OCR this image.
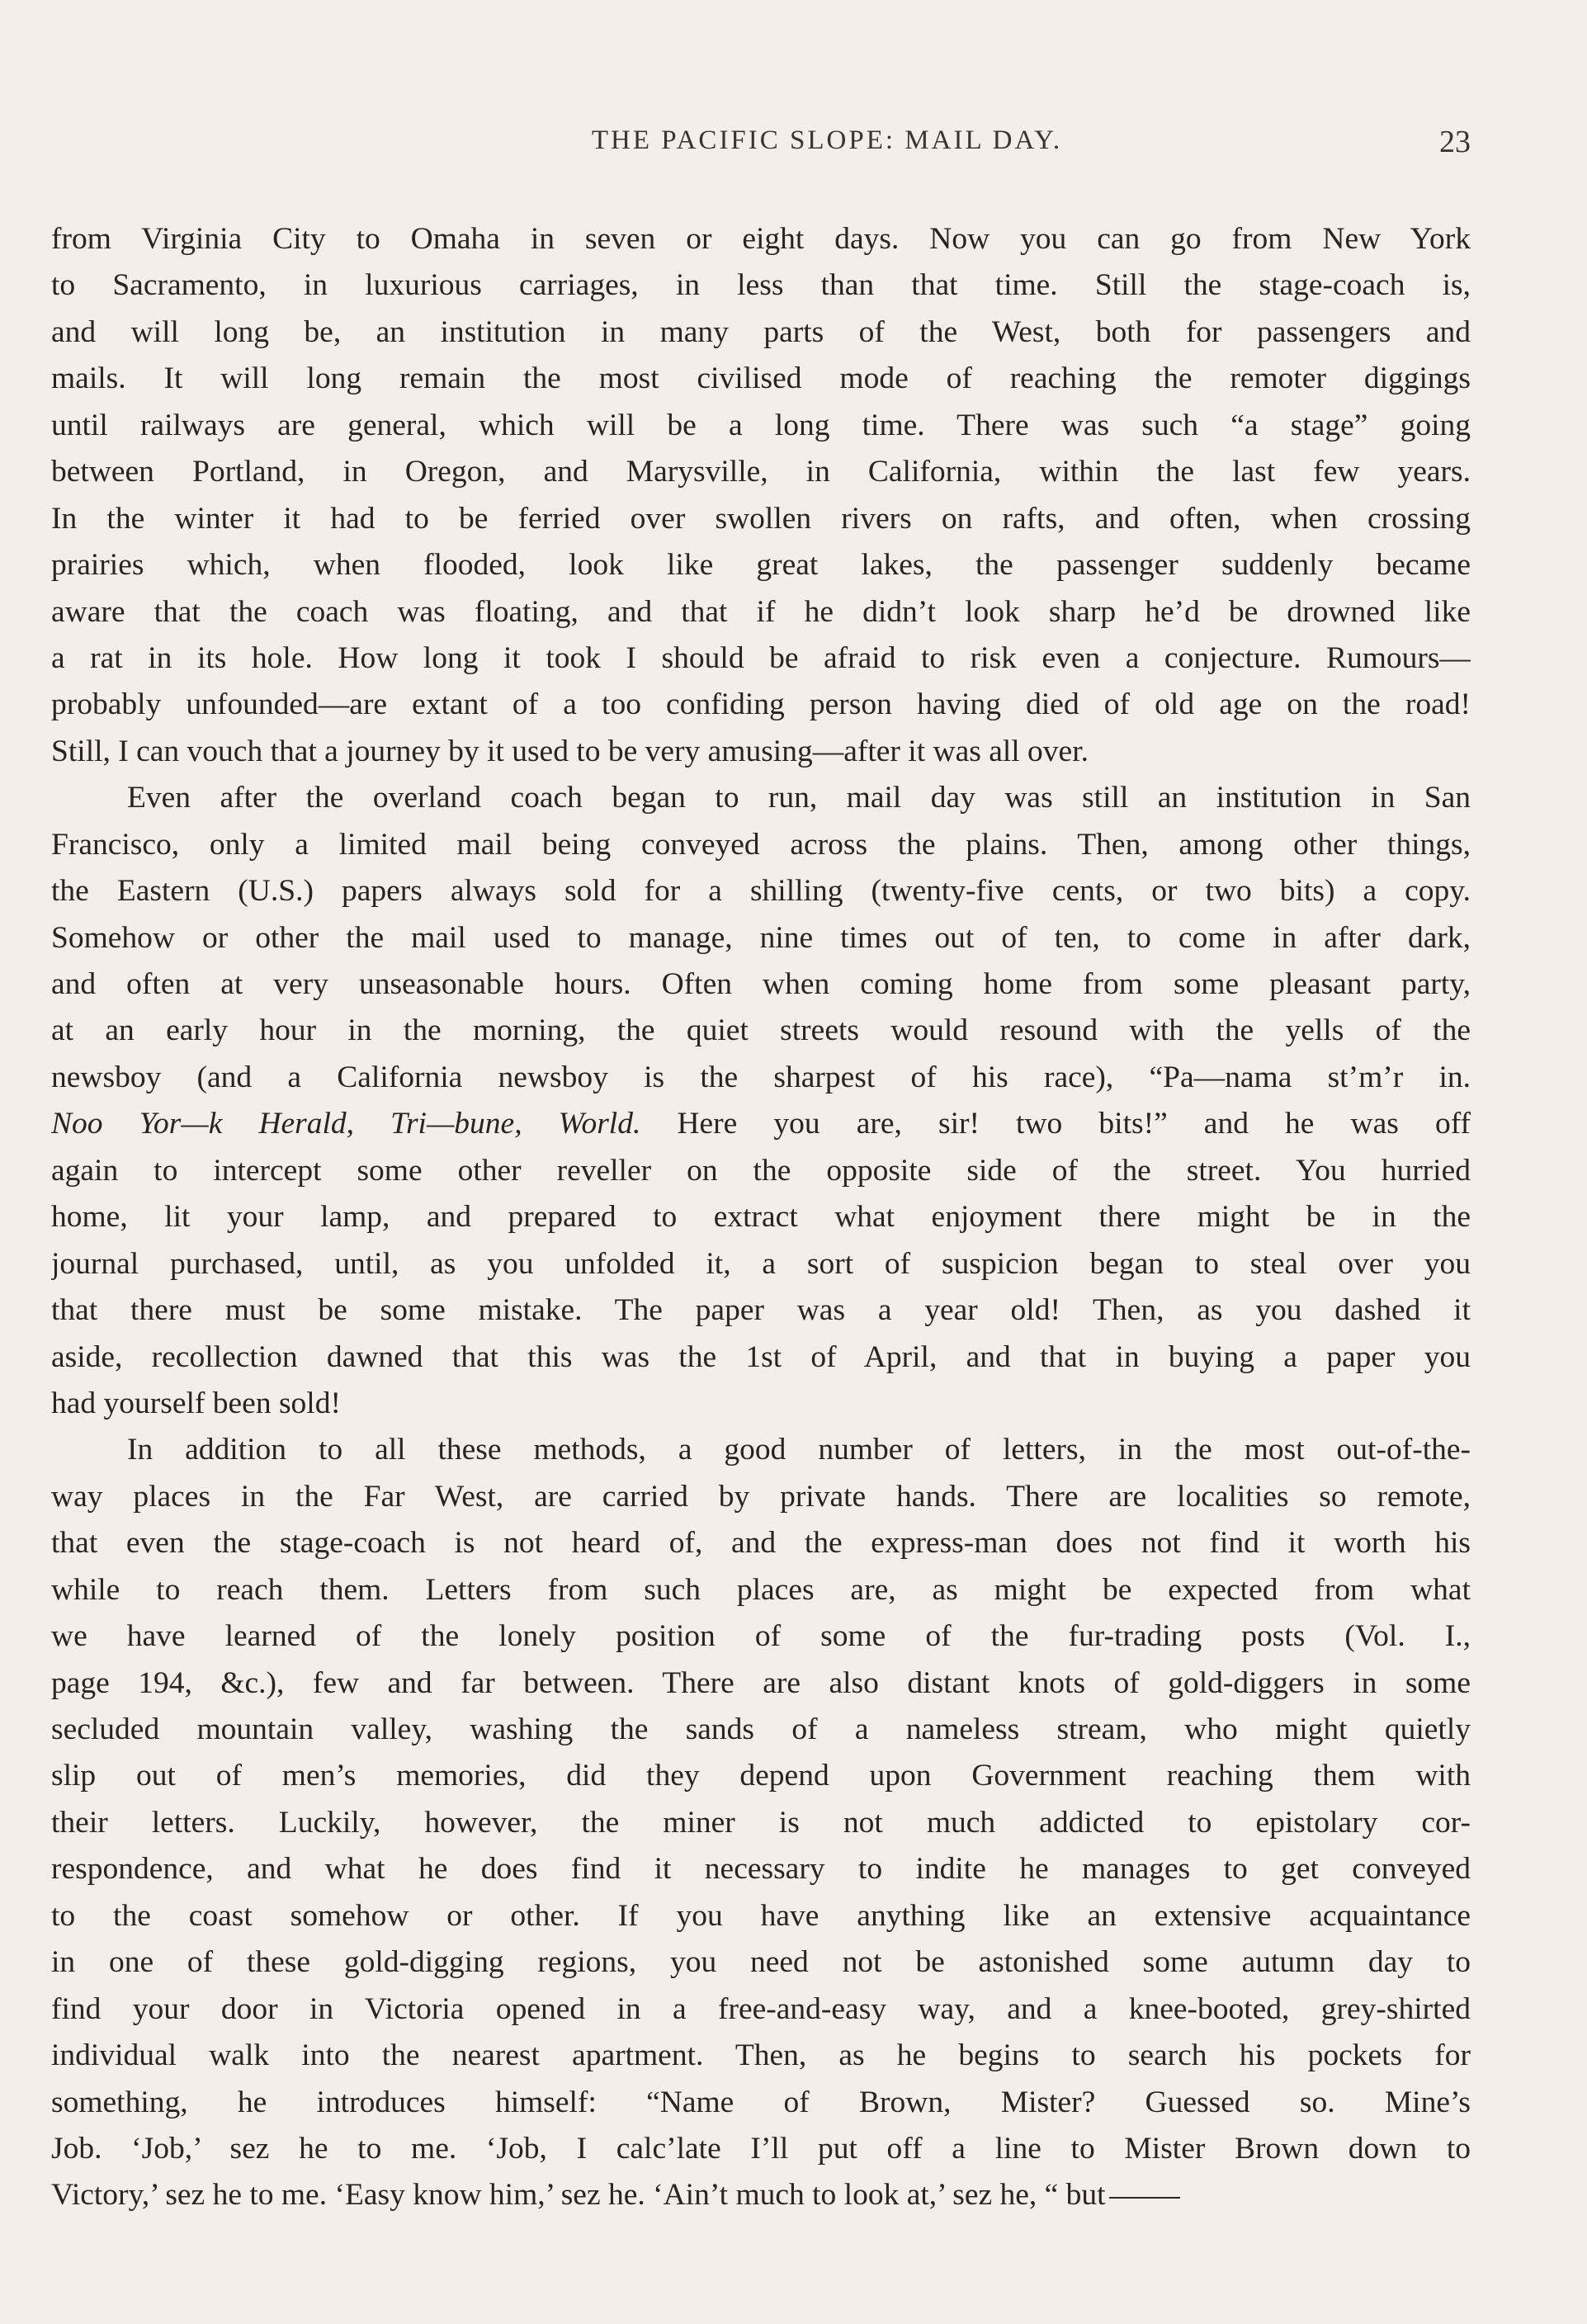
THE PACIFIC SLOPE: MAIL DAY.	23
from Virginia City to Omaha in seven or eight days. Now you can go from New York
to Sacramento, in luxurious carriages, in less than that time. Still the stage-coach is,
and will long be, an institution in many parts of the West, both for passengers and
mails. It will long remain the most civilised mode of reaching the remoter diggings
until railways are general, which will be a long time. There was such “a stage” going
between Portland, in Oregon, and Marysville, in California, within the last few years.
In the winter it had to be ferried over swollen rivers on rafts, and often, when crossing
prairies which, when flooded, look like great lakes, the passenger suddenly became
aware that the coach was floating, and that if he didn’t look sharp he’d be drowned like
a rat in its hole. How long it took I should be afraid to risk even a conjecture. Rumours—
probably unfounded—are extant of a too confiding person having died of old age on the road!
Still, I can vouch that a journey by it used to be very amusing—after it was all over.
Even after the overland coach began to run, mail day was still an institution in San
Francisco, only a limited mail being conveyed across the plains. Then, among other things,
the Eastern (U.S.) papers always sold for a shilling (twenty-five cents, or two bits) a copy.
Somehow or other the mail used to manage, nine times out of ten, to come in after dark,
and often at very unseasonable hours. Often when coming home from some pleasant party,
at an early hour in the morning, the quiet streets would resound with the yells of the
newsboy (and a California newsboy is the sharpest of his race), “Pa—nama st’m’r in.
Noo Yor—k Herald, Tri—bune, World. Here you are, sir! two bits!” and he was off
again to intercept some other reveller on the opposite side of the street. You hurried
home, lit your lamp, and prepared to extract what enjoyment there might be in the
journal purchased, until, as you unfolded it, a sort of suspicion began to steal over you
that there must be some mistake. The paper was a year old! Then, as you dashed it
aside, recollection dawned that this was the 1st of April, and that in buying a paper you
had yourself been sold!
In addition to all these methods, a good number of letters, in the most out-of-the-
way places in the Far West, are carried by private hands. There are localities so remote,
that even the stage-coach is not heard of, and the express-man does not find it worth his
while to reach them. Letters from such places are, as might be expected from what
we have learned of the lonely position of some of the fur-trading posts (Vol. I.,
page 194, &c.), few and far between. There are also distant knots of gold-diggers in some
secluded mountain valley, washing the sands of a nameless stream, who might quietly
slip out of men’s memories, did they depend upon Government reaching them with
their letters. Luckily, however, the miner is not much addicted to epistolary cor-
respondence, and what he does find it necessary to indite he manages to get conveyed
to the coast somehow or other. If you have anything like an extensive acquaintance
in one of these gold-digging regions, you need not be astonished some autumn day to
find your door in Victoria opened in a free-and-easy way, and a knee-booted, grey-shirted
individual walk into the nearest apartment. Then, as he begins to search his pockets for
something, he introduces himself: “Name of Brown, Mister? Guessed so. Mine’s
Job. ‘Job,’ sez he to me. ‘Job, I calc’late I’ll put off a line to Mister Brown down to
Victory,’ sez he to me. ‘Easy know him,’ sez he. ‘Ain’t much to look at,’ sez he, “ but
